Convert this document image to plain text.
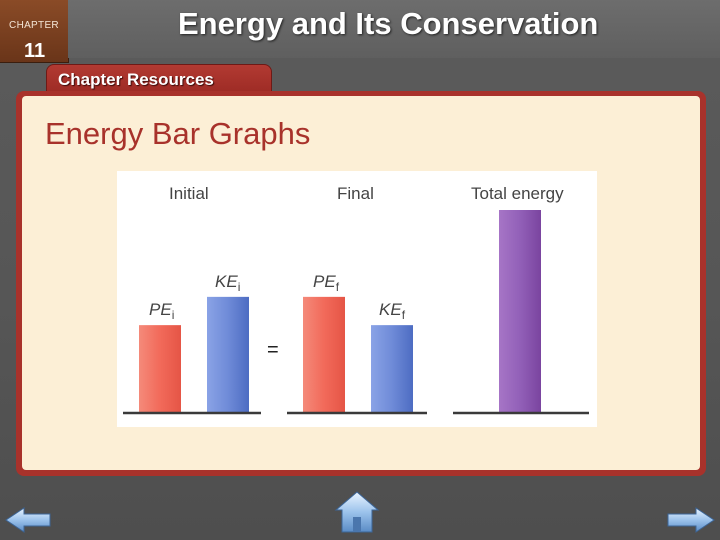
CHAPTER
11
Energy and Its Conservation
Chapter Resources
Energy Bar Graphs
Initial	Final	Total energy
$PE_i$
$KE_i$	$PE_f$
$KE_f$
=
